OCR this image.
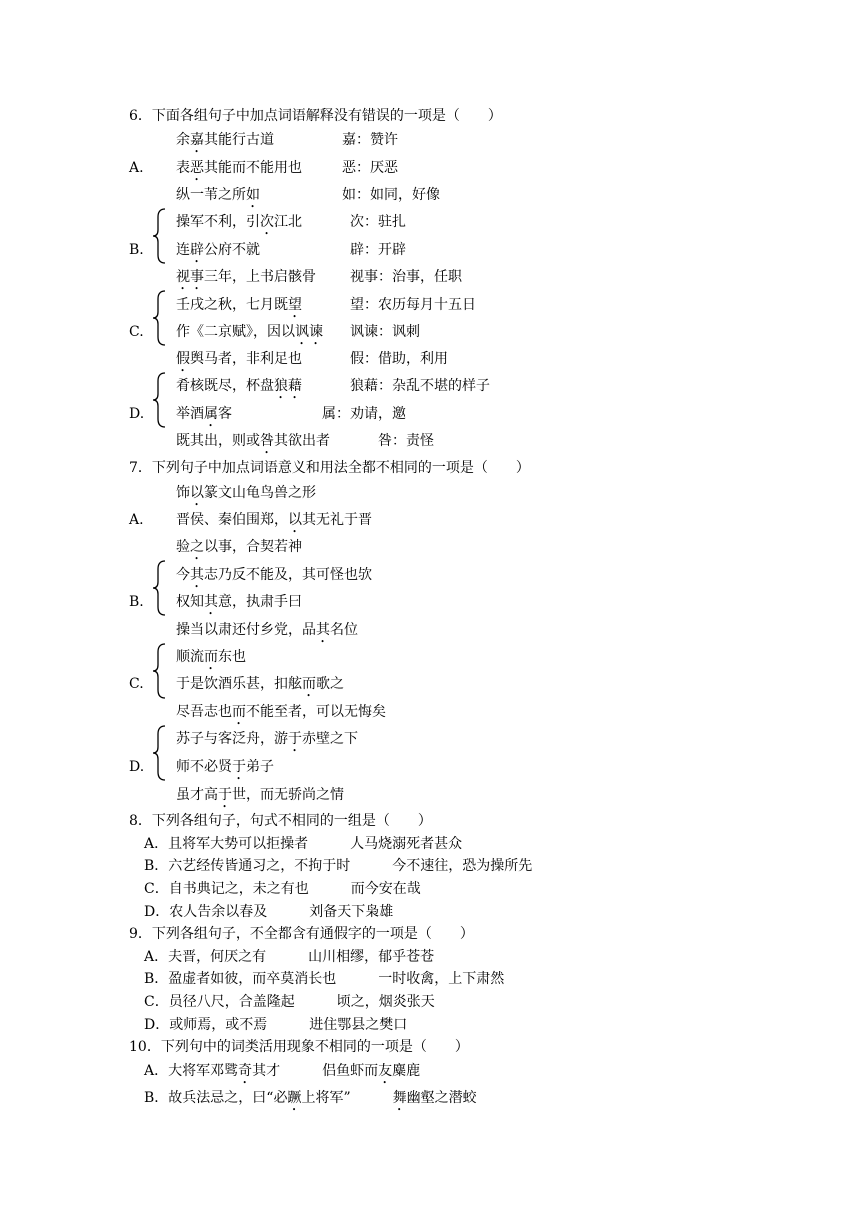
6．下面各组句子中加点词语解释没有错误的一项是（　　）
余嘉其能行古道	嘉：赞许
A. 表恶其能而不能用也	恶：厌恶
纵一苇之所如	如：如同，好像
操军不利，引次江北	次：驻扎
B. 连辟公府不就	辟：开辟
视事三年，上书启骸骨 视事：治事，任职
壬戌之秋，七月既望	望：农历每月十五日
C. 作《二京赋》，因以讽谏 讽谏：讽刺
假舆马者，非利足也	假：借助，利用
肴核既尽，杯盘狼藉	狼藉：杂乱不堪的样子
D. 举酒属客	属：劝请，邀
既其出，则或咎其欲出者	咎：责怪
7．下列句子中加点词语意义和用法全都不相同的一项是（　　）
饰以篆文山龟鸟兽之形
A. 晋侯、秦伯围郑，以其无礼于晋
验之以事，合契若神
今其志乃反不能及，其可怪也欤
B. 权知其意，执肃手曰
操当以肃还付乡党，品其名位
顺流而东也
C. 于是饮酒乐甚，扣舷而歌之
尽吾志也而不能至者，可以无悔矣
苏子与客泛舟，游于赤壁之下
D. 师不必贤于弟子
虽才高于世，而无骄尚之情
8．下列各组句子，句式不相同的一组是（　　）
A．且将军大势可以拒操者　　　人马烧溺死者甚众
B．六艺经传皆通习之，不拘于时　　　今不速往，恐为操所先
C．自书典记之，未之有也　　　而今安在哉
D．农人告余以春及　　　刘备天下枭雄
9．下列各组句子，不全都含有通假字的一项是（　　）
A．夫晋，何厌之有　　　山川相缪，郁乎苍苍
B．盈虚者如彼，而卒莫消长也　　　一时收禽，上下肃然
C．员径八尺，合盖隆起　　　顷之，烟炎张天
D．或师焉，或不焉　　　进住鄂县之樊口
10．下列句中的词类活用现象不相同的一项是（　　）
A．大将军邓骘奇其才　　　侣鱼虾而友麋鹿
B．故兵法忌之，曰“必蹶上将军”　　　	舞幽壑之潜蛟
